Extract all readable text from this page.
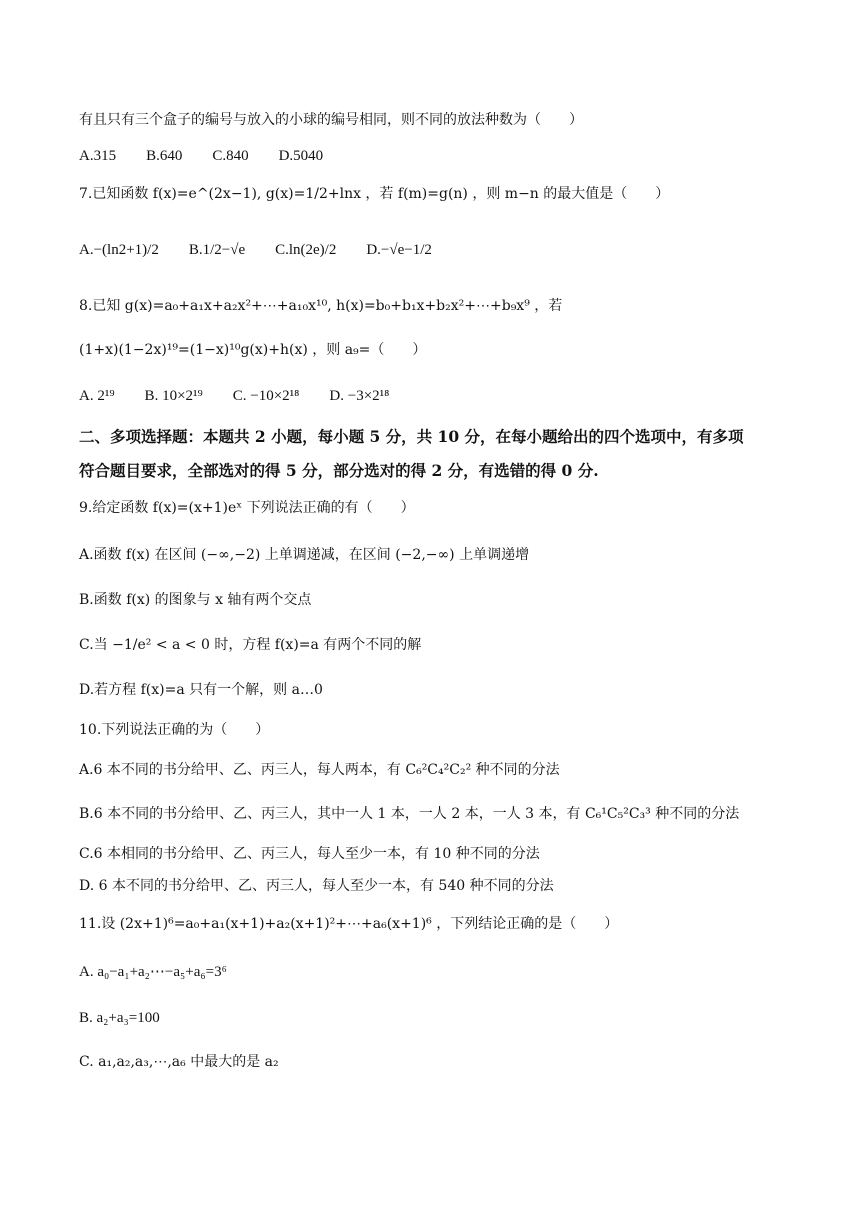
有且只有三个盒子的编号与放入的小球的编号相同，则不同的放法种数为（　　）
A.315　　B.640　　C.840　　D.5040
7.已知函数 f(x)=e^(2x−1), g(x)=1/2+lnx ，若 f(m)=g(n) ，则 m−n 的最大值是（　　）
A.−(ln2+1)/2　　B.1/2−√e　　C.ln(2e)/2　　D.−√e−1/2
8.已知 g(x)=a₀+a₁x+a₂x²+⋯+a₁₀x¹⁰, h(x)=b₀+b₁x+b₂x²+⋯+b₉x⁹ ，若
(1+x)(1−2x)¹⁹=(1−x)¹⁰g(x)+h(x) ，则 a₉=（　　）
A. 2¹⁹　　B. 10×2¹⁹　　C. −10×2¹⁸　　D. −3×2¹⁸
二、多项选择题：本题共 2 小题，每小题 5 分，共 10 分，在每小题给出的四个选项中，有多项
符合题目要求，全部选对的得 5 分，部分选对的得 2 分，有选错的得 0 分.
9.给定函数 f(x)=(x+1)eˣ 下列说法正确的有（　　）
A.函数 f(x) 在区间 (−∞,−2) 上单调递减，在区间 (−2,−∞) 上单调递增
B.函数 f(x) 的图象与 x 轴有两个交点
C.当 −1/e² < a < 0 时，方程 f(x)=a 有两个不同的解
D.若方程 f(x)=a 只有一个解，则 a…0
10.下列说法正确的为（　　）
A.6 本不同的书分给甲、乙、丙三人，每人两本，有 C₆²C₄²C₂² 种不同的分法
B.6 本不同的书分给甲、乙、丙三人，其中一人 1 本，一人 2 本，一人 3 本，有 C₆¹C₅²C₃³ 种不同的分法
C.6 本相同的书分给甲、乙、丙三人，每人至少一本，有 10 种不同的分法
D. 6 本不同的书分给甲、乙、丙三人，每人至少一本，有 540 种不同的分法
11.设 (2x+1)⁶=a₀+a₁(x+1)+a₂(x+1)²+⋯+a₆(x+1)⁶ ，下列结论正确的是（　　）
A. a₀−a₁+a₂⋯−a₅+a₆=3⁶
B. a₂+a₃=100
C. a₁,a₂,a₃,⋯,a₆ 中最大的是 a₂
